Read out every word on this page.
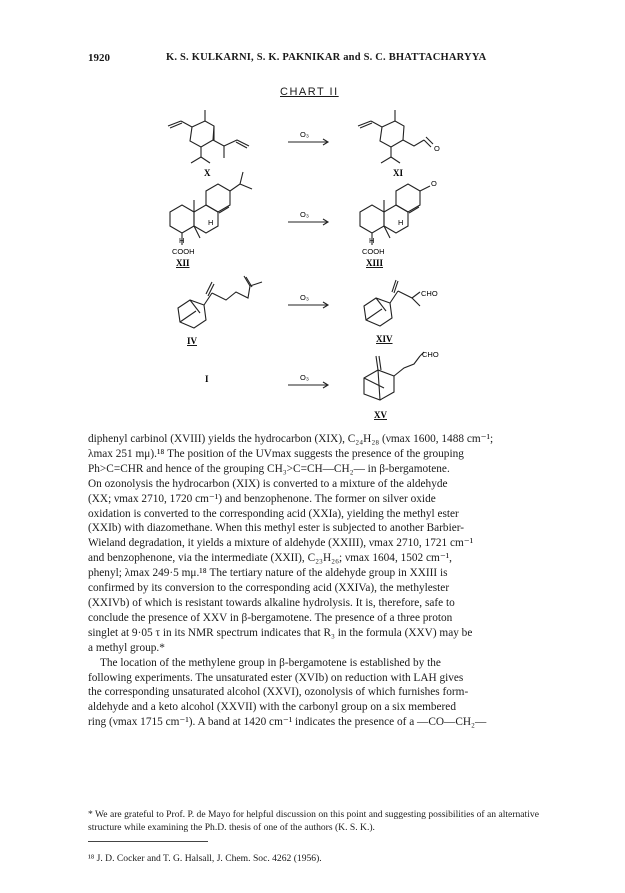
1920	K. S. KULKARNI, S. K. PAKNIKAR and S. C. BHATTACHARYYA
CHART II
O₃
O₃
O₃
O₃
O
H
H
COOH
O
H
H
COOH
CHO
CHO
X	XI
XII	XIII
IV	XIV
I
XV
diphenyl carbinol (XVIII) yields the hydrocarbon (XIX), C₂₄H₂₈ (νmax 1600, 1488 cm⁻¹;
λmax 251 mμ).¹⁸ The position of the UVmax suggests the presence of the grouping
Ph>C=CHR and hence of the grouping CH₃>C=CH—CH₂— in β-bergamotene.
On ozonolysis the hydrocarbon (XIX) is converted to a mixture of the aldehyde
(XX; νmax 2710, 1720 cm⁻¹) and benzophenone. The former on silver oxide
oxidation is converted to the corresponding acid (XXIa), yielding the methyl ester
(XXIb) with diazomethane. When this methyl ester is subjected to another Barbier-
Wieland degradation, it yields a mixture of aldehyde (XXIII), νmax 2710, 1721 cm⁻¹
and benzophenone, via the intermediate (XXII), C₂₃H₂₆; νmax 1604, 1502 cm⁻¹,
phenyl; λmax 249·5 mμ.¹⁸ The tertiary nature of the aldehyde group in XXIII is
confirmed by its conversion to the corresponding acid (XXIVa), the methylester
(XXIVb) of which is resistant towards alkaline hydrolysis. It is, therefore, safe to
conclude the presence of XXV in β-bergamotene. The presence of a three proton
singlet at 9·05 τ in its NMR spectrum indicates that R₃ in the formula (XXV) may be
a methyl group.*
The location of the methylene group in β-bergamotene is established by the
following experiments. The unsaturated ester (XVIb) on reduction with LAH gives
the corresponding unsaturated alcohol (XXVI), ozonolysis of which furnishes form-
aldehyde and a keto alcohol (XXVII) with the carbonyl group on a six membered
ring (νmax 1715 cm⁻¹). A band at 1420 cm⁻¹ indicates the presence of a —CO—CH₂—
* We are grateful to Prof. P. de Mayo for helpful discussion on this point and suggesting possibilities of an alternative structure while examining the Ph.D. thesis of one of the authors (K. S. K.).
¹⁸ J. D. Cocker and T. G. Halsall, J. Chem. Soc. 4262 (1956).
